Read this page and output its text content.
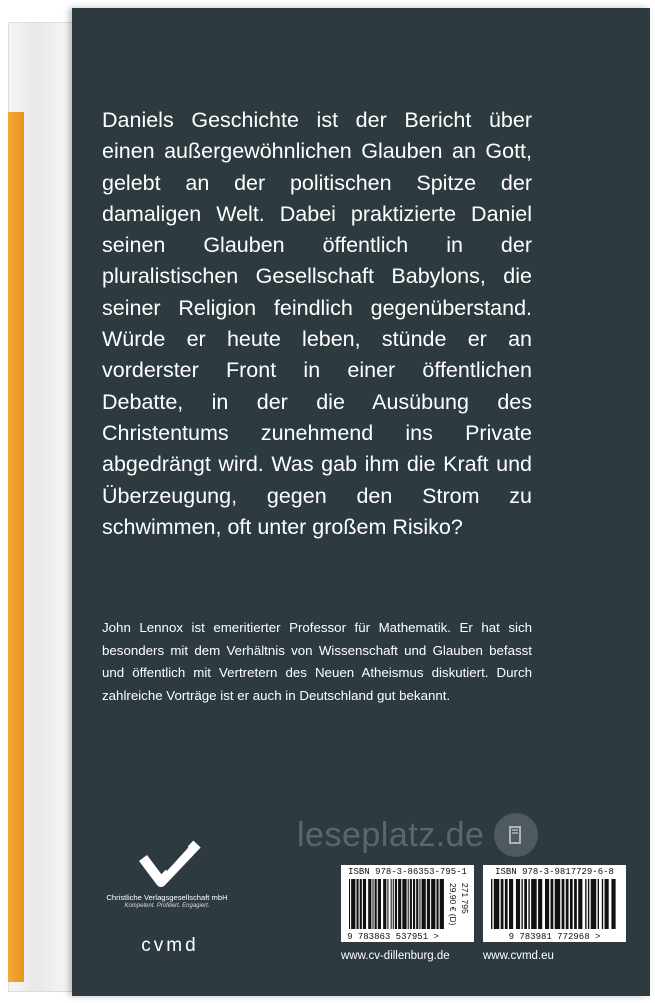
Daniels Geschichte ist der Bericht über einen außergewöhnlichen Glauben an Gott, gelebt an der politischen Spitze der damaligen Welt. Dabei praktizierte Daniel seinen Glauben öffentlich in der pluralistischen Gesellschaft Babylons, die seiner Religion feindlich gegenüberstand. Würde er heute leben, stünde er an vorderster Front in einer öffentlichen Debatte, in der die Ausübung des Christentums zunehmend ins Private abgedrängt wird. Was gab ihm die Kraft und Überzeugung, gegen den Strom zu schwimmen, oft unter großem Risiko?
John Lennox ist emeritierter Professor für Mathematik. Er hat sich besonders mit dem Verhältnis von Wissenschaft und Glauben befasst und öffentlich mit Vertretern des Neuen Atheismus diskutiert. Durch zahlreiche Vorträge ist er auch in Deutschland gut bekannt.
leseplatz.de
Christliche Verlagsgesellschaft mbH
Kompetent. Profiliert. Engagiert.
cvmd
ISBN 978-3-86353-795-1
29,90 € (D) 271 795
9 783863 537951 >
ISBN 978-3-9817729-6-8
9 783981 772968 >
www.cv-dillenburg.de	www.cvmd.eu
